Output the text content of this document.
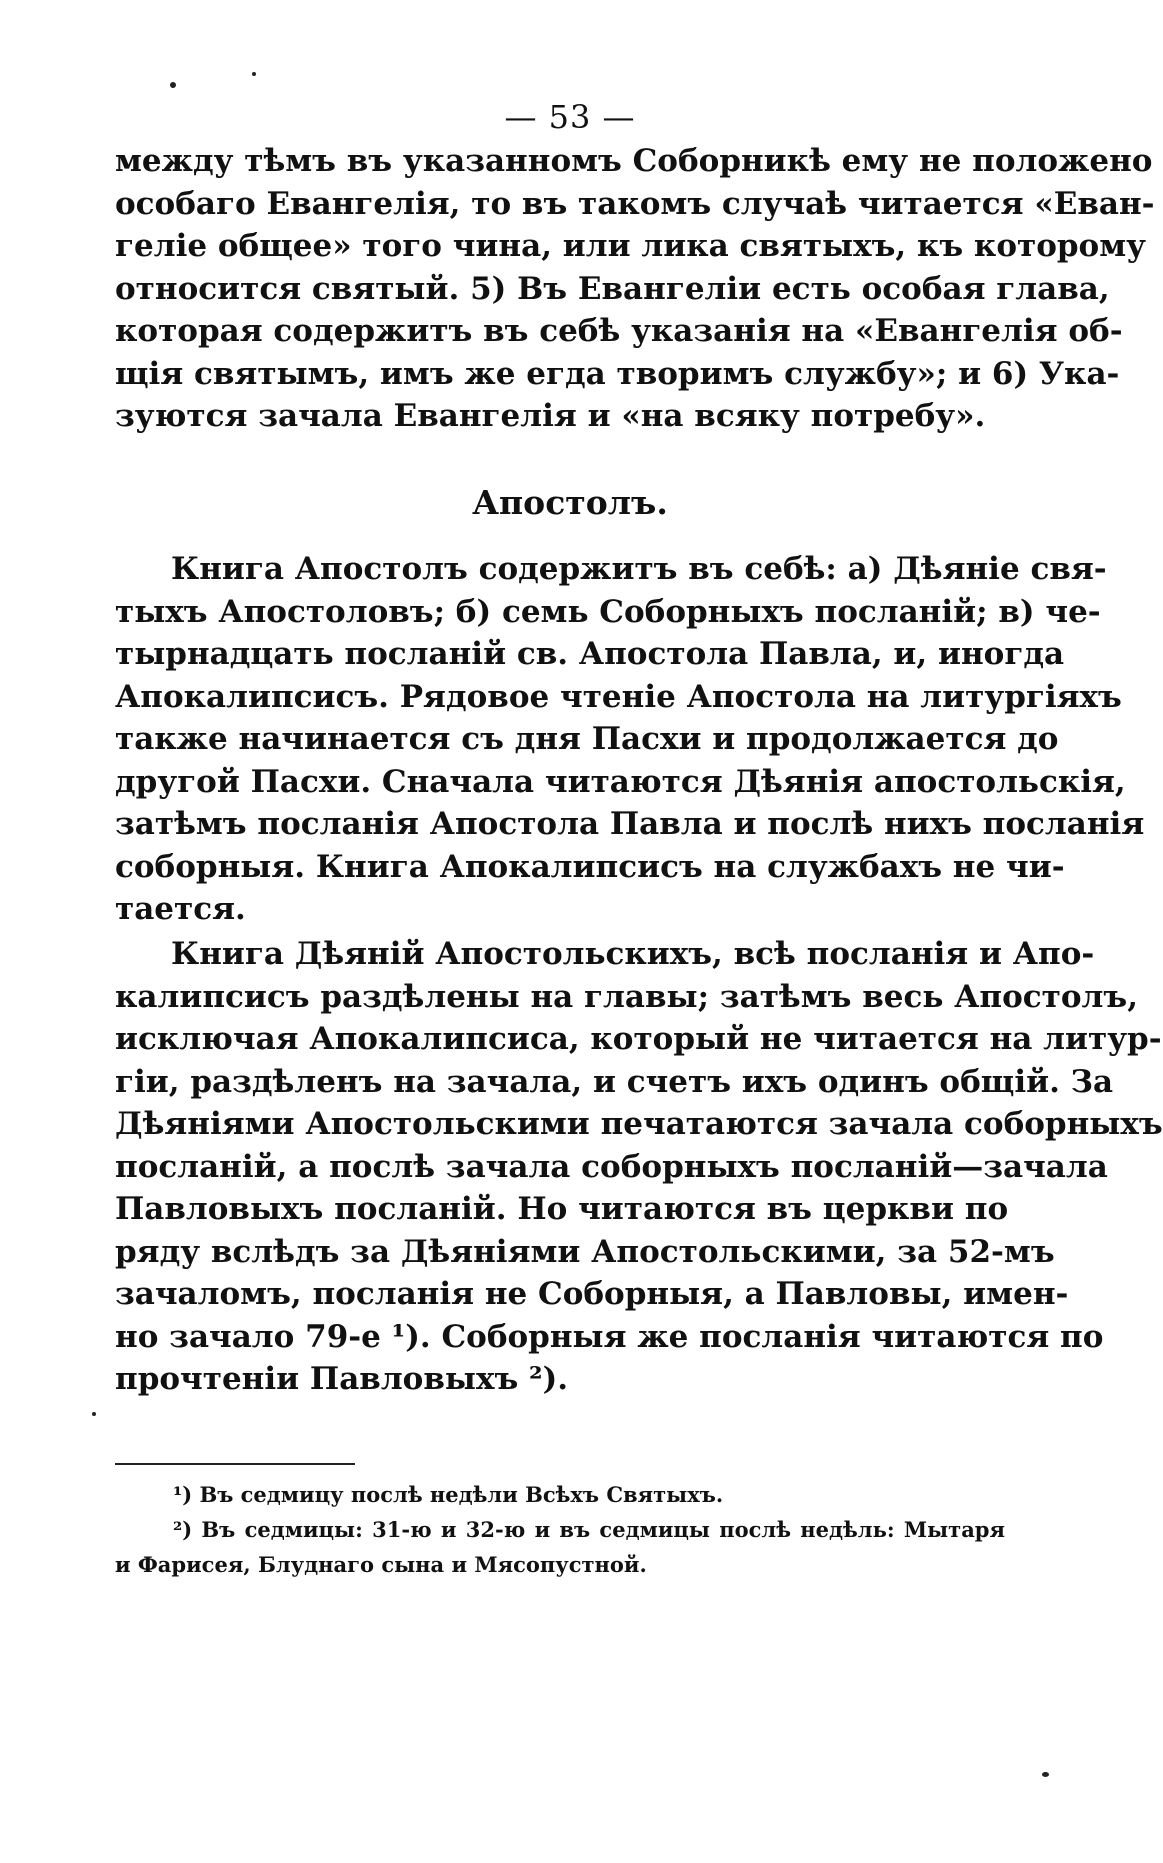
— 53 —
между тѣмъ въ указанномъ Соборникѣ ему не положено
особаго Евангелія, то въ такомъ случаѣ читается «Еван-
геліе общее» того чина, или лика святыхъ, къ которому
относится святый. 5) Въ Евангеліи есть особая глава,
которая содержитъ въ себѣ указанія на «Евангелія об-
щія святымъ, имъ же егда творимъ службу»; и 6) Ука-
зуются зачала Евангелія и «на всяку потребу».
Апостолъ.
Книга Апостолъ содержитъ въ себѣ: а) Дѣяніе свя-
тыхъ Апостоловъ; б) семь Соборныхъ посланій; в) че-
тырнадцать посланій св. Апостола Павла, и, иногда
Апокалипсисъ. Рядовое чтеніе Апостола на литургіяхъ
также начинается съ дня Пасхи и продолжается до
другой Пасхи. Сначала читаются Дѣянія апостольскія,
затѣмъ посланія Апостола Павла и послѣ нихъ посланія
соборныя. Книга Апокалипсисъ на службахъ не чи-
тается.
Книга Дѣяній Апостольскихъ, всѣ посланія и Апо-
калипсисъ раздѣлены на главы; затѣмъ весь Апостолъ,
исключая Апокалипсиса, который не читается на литур-
гіи, раздѣленъ на зачала, и счетъ ихъ одинъ общій. За
Дѣяніями Апостольскими печатаются зачала соборныхъ
посланій, а послѣ зачала соборныхъ посланій—зачала
Павловыхъ посланій. Но читаются въ церкви по
ряду вслѣдъ за Дѣяніями Апостольскими, за 52-мъ
зачаломъ, посланія не Соборныя, а Павловы, имен-
но зачало 79-е ¹). Соборныя же посланія читаются по
прочтеніи Павловыхъ ²).
¹) Въ седмицу послѣ недѣли Всѣхъ Святыхъ.
²) Въ седмицы: 31-ю и 32-ю и въ седмицы послѣ недѣль: Мытаря
и Фарисея, Блуднаго сына и Мясопустной.
